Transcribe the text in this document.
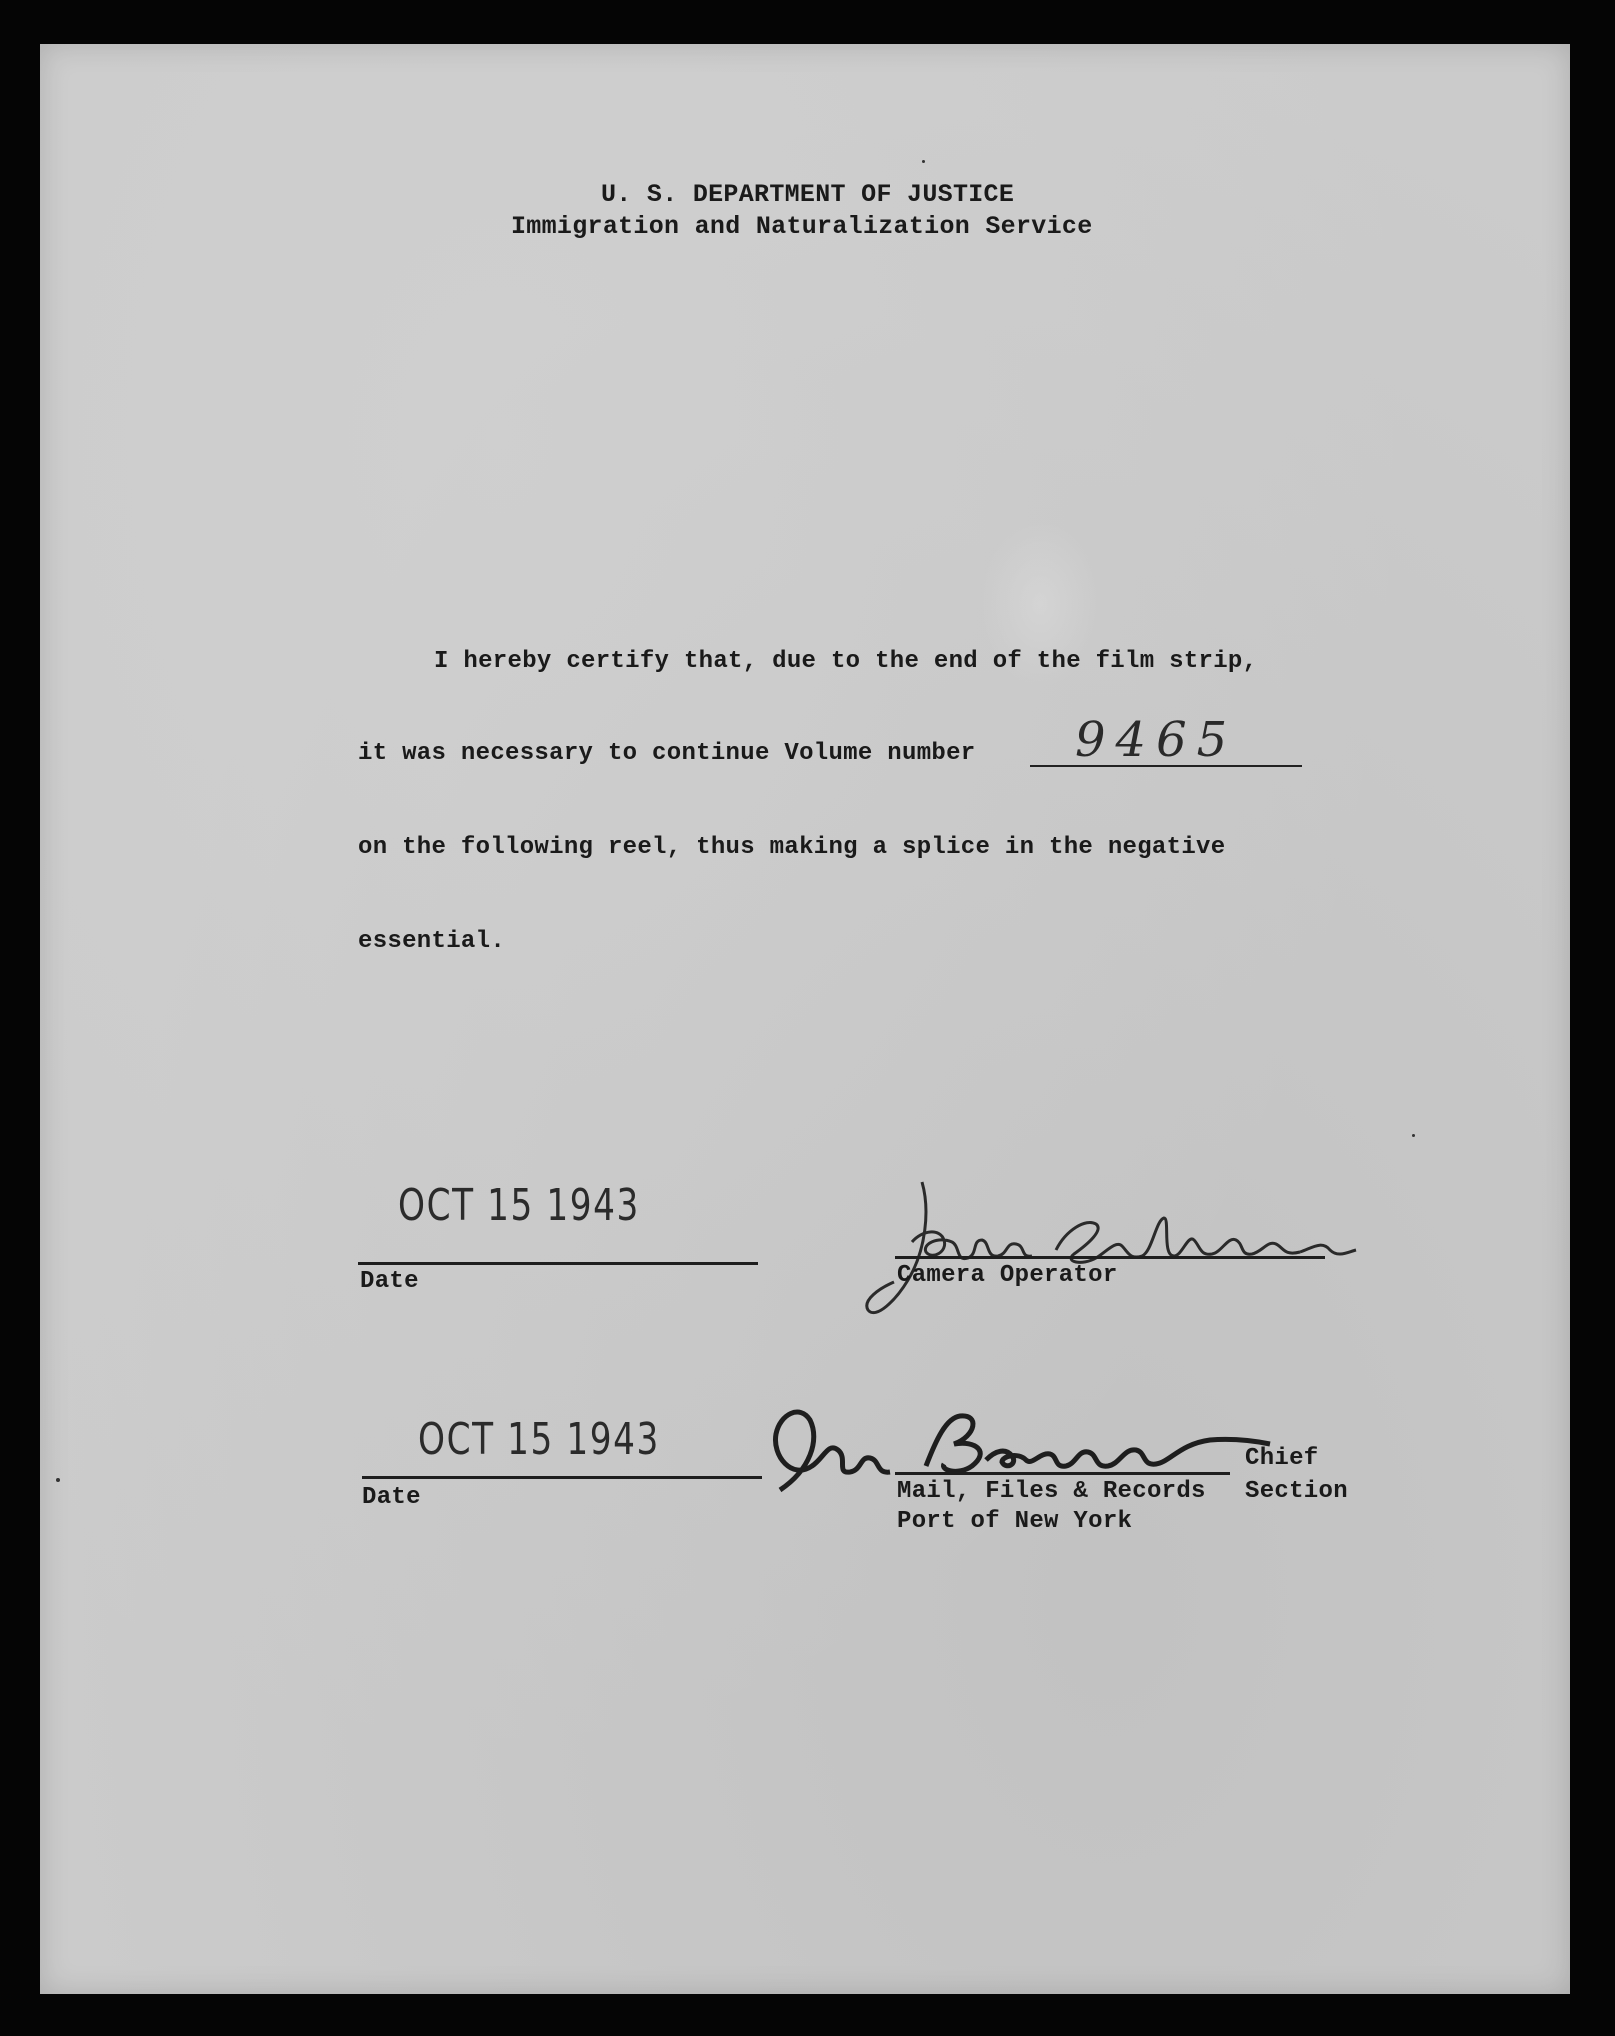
U. S. DEPARTMENT OF JUSTICE
Immigration and Naturalization Service
I hereby certify that, due to the end of the film strip,
it was necessary to continue Volume number 9465
on the following reel, thus making a splice in the negative
essential.
OCT 15 1943
Date	Camera Operator
OCT 15 1943
Date
Chief
Mail, Files & Records Section
Port of New York
